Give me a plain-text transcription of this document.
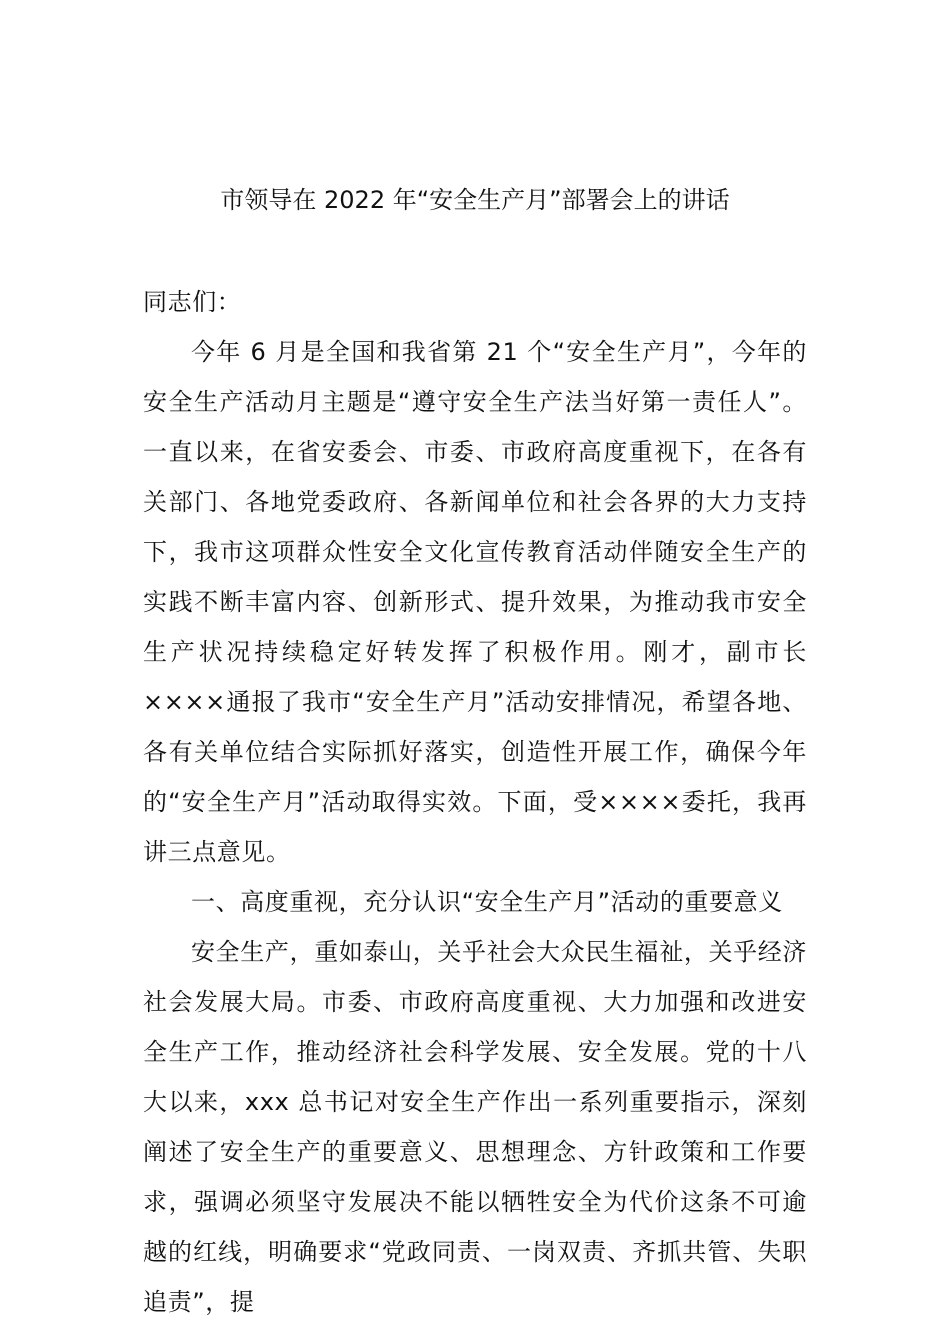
市领导在 2022 年“安全生产月”部署会上的讲话

同志们：

今年 6 月是全国和我省第 21 个“安全生产月”，今年的安全生产活动月主题是“遵守安全生产法当好第一责任人”。一直以来，在省安委会、市委、市政府高度重视下，在各有关部门、各地党委政府、各新闻单位和社会各界的大力支持下，我市这项群众性安全文化宣传教育活动伴随安全生产的实践不断丰富内容、创新形式、提升效果，为推动我市安全生产状况持续稳定好转发挥了积极作用。刚才，副市长××××通报了我市“安全生产月”活动安排情况，希望各地、各有关单位结合实际抓好落实，创造性开展工作，确保今年的“安全生产月”活动取得实效。下面，受××××委托，我再讲三点意见。

一、高度重视，充分认识“安全生产月”活动的重要意义

安全生产，重如泰山，关乎社会大众民生福祉，关乎经济社会发展大局。市委、市政府高度重视、大力加强和改进安全生产工作，推动经济社会科学发展、安全发展。党的十八大以来，xxx 总书记对安全生产作出一系列重要指示，深刻阐述了安全生产的重要意义、思想理念、方针政策和工作要求，强调必须坚守发展决不能以牺牲安全为代价这条不可逾越的红线，明确要求“党政同责、一岗双责、齐抓共管、失职追责”，提
